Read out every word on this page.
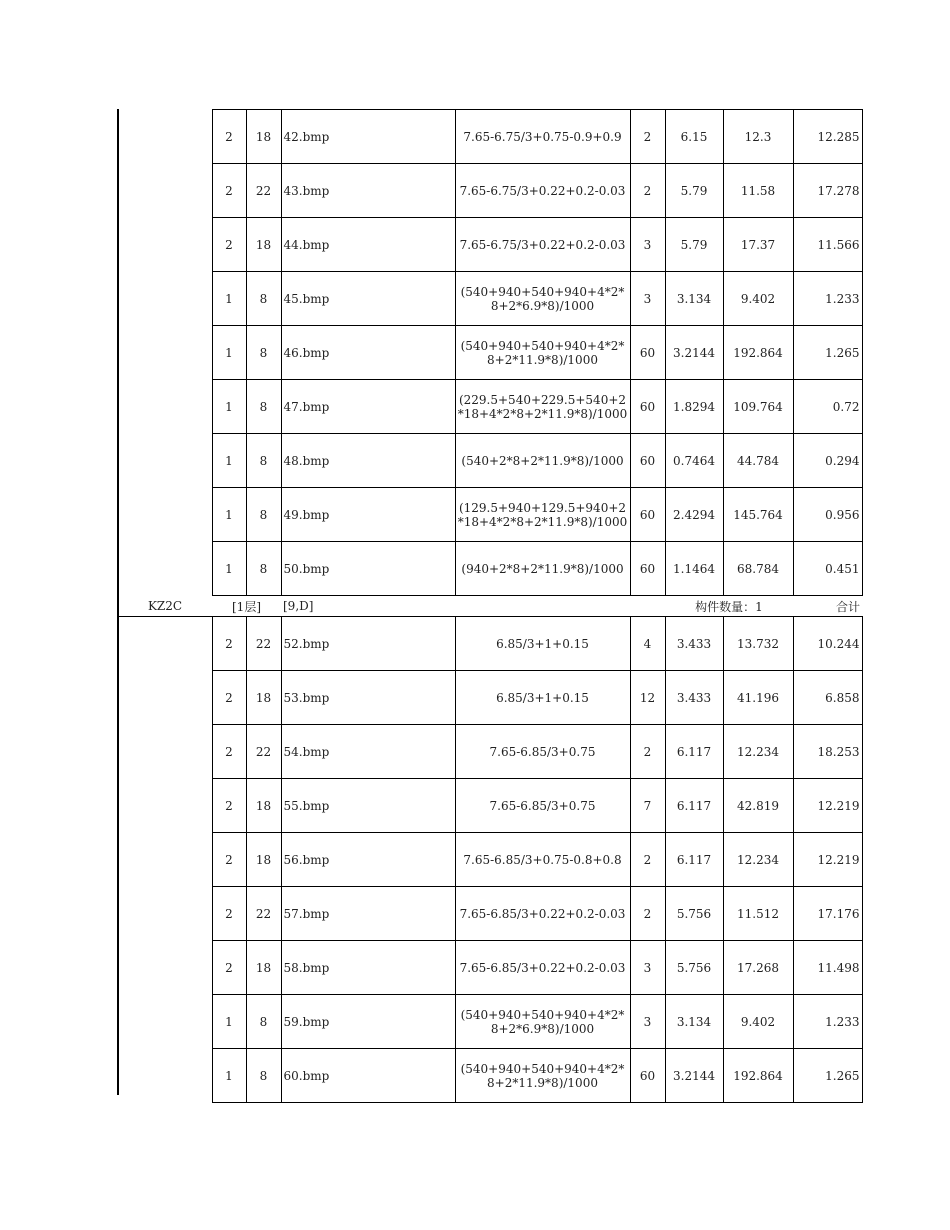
	2	18	42.bmp	7.65-6.75/3+0.75-0.9+0.9	2	6.15	12.3	12.285
	2	22	43.bmp	7.65-6.75/3+0.22+0.2-0.03	2	5.79	11.58	17.278
	2	18	44.bmp	7.65-6.75/3+0.22+0.2-0.03	3	5.79	17.37	11.566
	1	8	45.bmp	(540+940+540+940+4*2*8+2*6.9*8)/1000	3	3.134	9.402	1.233
	1	8	46.bmp	(540+940+540+940+4*2*8+2*11.9*8)/1000	60	3.2144	192.864	1.265
	1	8	47.bmp	(229.5+540+229.5+540+2*18+4*2*8+2*11.9*8)/1000	60	1.8294	109.764	0.72
	1	8	48.bmp	(540+2*8+2*11.9*8)/1000	60	0.7464	44.784	0.294
	1	8	49.bmp	(129.5+940+129.5+940+2*18+4*2*8+2*11.9*8)/1000	60	2.4294	145.764	0.956
	1	8	50.bmp	(940+2*8+2*11.9*8)/1000	60	1.1464	68.784	0.451
KZ2C	[1层]		[9,D]			构件数量：1		合计
	2	22	52.bmp	6.85/3+1+0.15	4	3.433	13.732	10.244
	2	18	53.bmp	6.85/3+1+0.15	12	3.433	41.196	6.858
	2	22	54.bmp	7.65-6.85/3+0.75	2	6.117	12.234	18.253
	2	18	55.bmp	7.65-6.85/3+0.75	7	6.117	42.819	12.219
	2	18	56.bmp	7.65-6.85/3+0.75-0.8+0.8	2	6.117	12.234	12.219
	2	22	57.bmp	7.65-6.85/3+0.22+0.2-0.03	2	5.756	11.512	17.176
	2	18	58.bmp	7.65-6.85/3+0.22+0.2-0.03	3	5.756	17.268	11.498
	1	8	59.bmp	(540+940+540+940+4*2*8+2*6.9*8)/1000	3	3.134	9.402	1.233
	1	8	60.bmp	(540+940+540+940+4*2*8+2*11.9*8)/1000	60	3.2144	192.864	1.265
